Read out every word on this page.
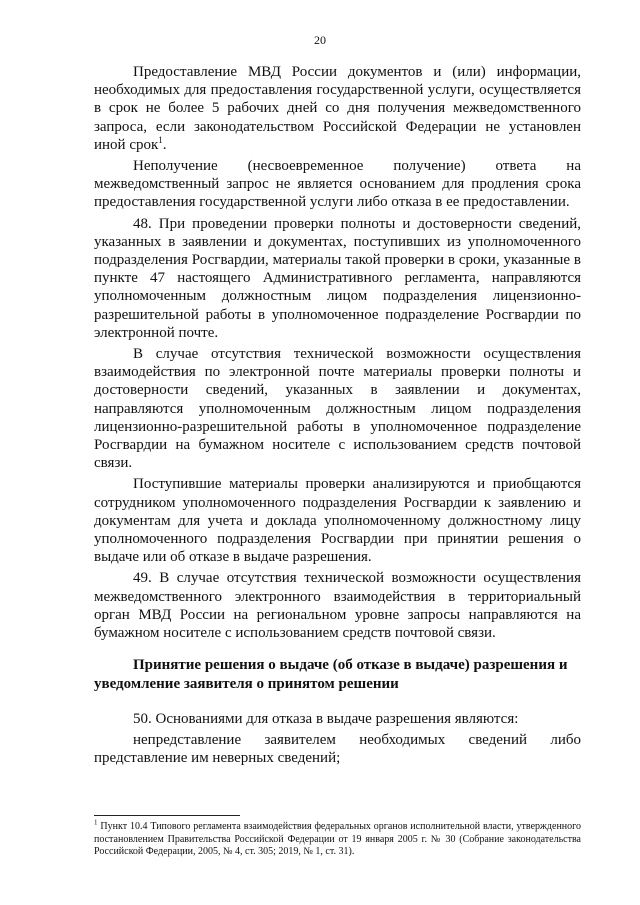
20

Предоставление МВД России документов и (или) информации, необходимых для предоставления государственной услуги, осуществляется в срок не более 5 рабочих дней со дня получения межведомственного запроса, если законодательством Российской Федерации не установлен иной срок$^1$.

Неполучение (несвоевременное получение) ответа на межведомственный запрос не является основанием для продления срока предоставления государственной услуги либо отказа в ее предоставлении.

48. При проведении проверки полноты и достоверности сведений, указанных в заявлении и документах, поступивших из уполномоченного подразделения Росгвардии, материалы такой проверки в сроки, указанные в пункте 47 настоящего Административного регламента, направляются уполномоченным должностным лицом подразделения лицензионно-разрешительной работы в уполномоченное подразделение Росгвардии по электронной почте.

В случае отсутствия технической возможности осуществления взаимодействия по электронной почте материалы проверки полноты и достоверности сведений, указанных в заявлении и документах, направляются уполномоченным должностным лицом подразделения лицензионно-разрешительной работы в уполномоченное подразделение Росгвардии на бумажном носителе с использованием средств почтовой связи.

Поступившие материалы проверки анализируются и приобщаются сотрудником уполномоченного подразделения Росгвардии к заявлению и документам для учета и доклада уполномоченному должностному лицу уполномоченного подразделения Росгвардии при принятии решения о выдаче или об отказе в выдаче разрешения.

49. В случае отсутствия технической возможности осуществления межведомственного электронного взаимодействия в территориальный орган МВД России на региональном уровне запросы направляются на бумажном носителе с использованием средств почтовой связи.

Принятие решения о выдаче (об отказе в выдаче) разрешения и уведомление заявителя о принятом решении

50. Основаниями для отказа в выдаче разрешения являются:

непредставление заявителем необходимых сведений либо представление им неверных сведений;

$^1$ Пункт 10.4 Типового регламента взаимодействия федеральных органов исполнительной власти, утвержденного постановлением Правительства Российской Федерации от 19 января 2005 г. № 30 (Собрание законодательства Российской Федерации, 2005, № 4, ст. 305; 2019, № 1, ст. 31).
